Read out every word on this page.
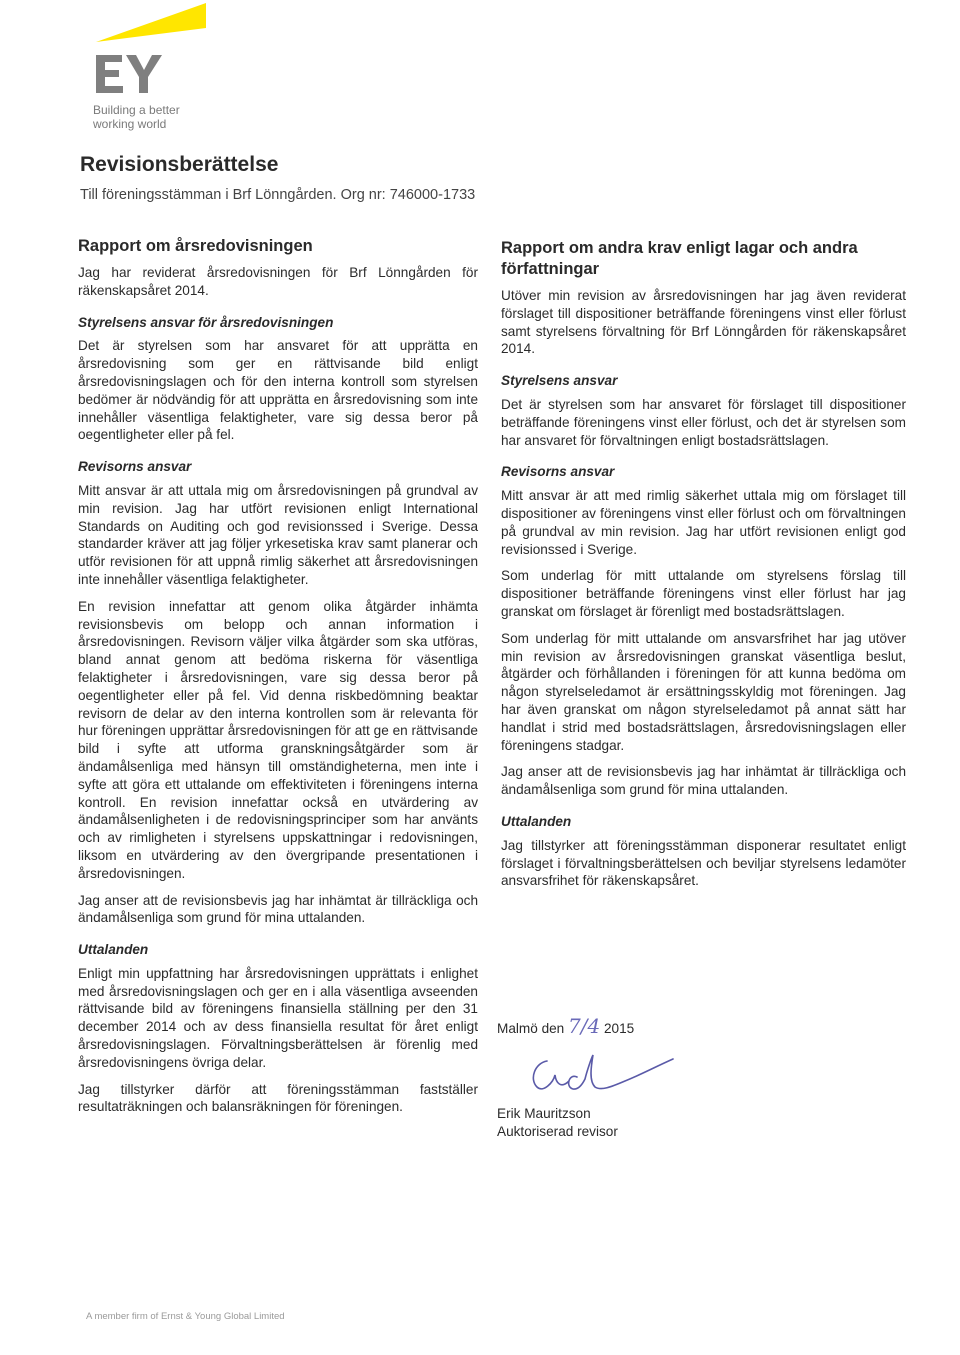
Building a better
working world
Revisionsberättelse
Till föreningsstämman i Brf Lönngården. Org nr: 746000-1733
Rapport om årsredovisningen

Jag har reviderat årsredovisningen för Brf Lönngården för räkenskapsåret 2014.

Styrelsens ansvar för årsredovisningen

Det är styrelsen som har ansvaret för att upprätta en årsredovisning som ger en rättvisande bild enligt årsredovisningslagen och för den interna kontroll som styrelsen bedömer är nödvändig för att upprätta en årsredovisning som inte innehåller väsentliga felaktigheter, vare sig dessa beror på oegentligheter eller på fel.

Revisorns ansvar

Mitt ansvar är att uttala mig om årsredovisningen på grundval av min revision. Jag har utfört revisionen enligt International Standards on Auditing och god revisionssed i Sverige. Dessa standarder kräver att jag följer yrkesetiska krav samt planerar och utför revisionen för att uppnå rimlig säkerhet att årsredovisningen inte innehåller väsentliga felaktigheter.

En revision innefattar att genom olika åtgärder inhämta revisionsbevis om belopp och annan information i årsredovisningen. Revisorn väljer vilka åtgärder som ska utföras, bland annat genom att bedöma riskerna för väsentliga felaktigheter i årsredovisningen, vare sig dessa beror på oegentligheter eller på fel. Vid denna riskbedömning beaktar revisorn de delar av den interna kontrollen som är relevanta för hur föreningen upprättar årsredovisningen för att ge en rättvisande bild i syfte att utforma granskningsåtgärder som är ändamålsenliga med hänsyn till omständigheterna, men inte i syfte att göra ett uttalande om effektiviteten i föreningens interna kontroll. En revision innefattar också en utvärdering av ändamålsenligheten i de redovisningsprinciper som har använts och av rimligheten i styrelsens uppskattningar i redovisningen, liksom en utvärdering av den övergripande presentationen i årsredovisningen.

Jag anser att de revisionsbevis jag har inhämtat är tillräckliga och ändamålsenliga som grund för mina uttalanden.

Uttalanden

Enligt min uppfattning har årsredovisningen upprättats i enlighet med årsredovisningslagen och ger en i alla väsentliga avseenden rättvisande bild av föreningens finansiella ställning per den 31 december 2014 och av dess finansiella resultat för året enligt årsredovisningslagen. Förvaltningsberättelsen är förenlig med årsredovisningens övriga delar.

Jag tillstyrker därför att föreningsstämman fastställer resultaträkningen och balansräkningen för föreningen.

Rapport om andra krav enligt lagar och andra författningar

Utöver min revision av årsredovisningen har jag även reviderat förslaget till dispositioner beträffande föreningens vinst eller förlust samt styrelsens förvaltning för Brf Lönngården för räkenskapsåret 2014.

Styrelsens ansvar

Det är styrelsen som har ansvaret för förslaget till dispositioner beträffande föreningens vinst eller förlust, och det är styrelsen som har ansvaret för förvaltningen enligt bostadsrättslagen.

Revisorns ansvar

Mitt ansvar är att med rimlig säkerhet uttala mig om förslaget till dispositioner av föreningens vinst eller förlust och om förvaltningen på grundval av min revision. Jag har utfört revisionen enligt god revisionssed i Sverige.

Som underlag för mitt uttalande om styrelsens förslag till dispositioner beträffande föreningens vinst eller förlust har jag granskat om förslaget är förenligt med bostadsrättslagen.

Som underlag för mitt uttalande om ansvarsfrihet har jag utöver min revision av årsredovisningen granskat väsentliga beslut, åtgärder och förhållanden i föreningen för att kunna bedöma om någon styrelseledamot är ersättningsskyldig mot föreningen. Jag har även granskat om någon styrelseledamot på annat sätt har handlat i strid med bostadsrättslagen, årsredovisningslagen eller föreningens stadgar.

Jag anser att de revisionsbevis jag har inhämtat är tillräckliga och ändamålsenliga som grund för mina uttalanden.

Uttalanden

Jag tillstyrker att föreningsstämman disponerar resultatet enligt förslaget i förvaltningsberättelsen och beviljar styrelsens ledamöter ansvarsfrihet för räkenskapsåret.

Malmö den 7/4 2015
Erik Mauritzson
Auktoriserad revisor
A member firm of Ernst & Young Global Limited
